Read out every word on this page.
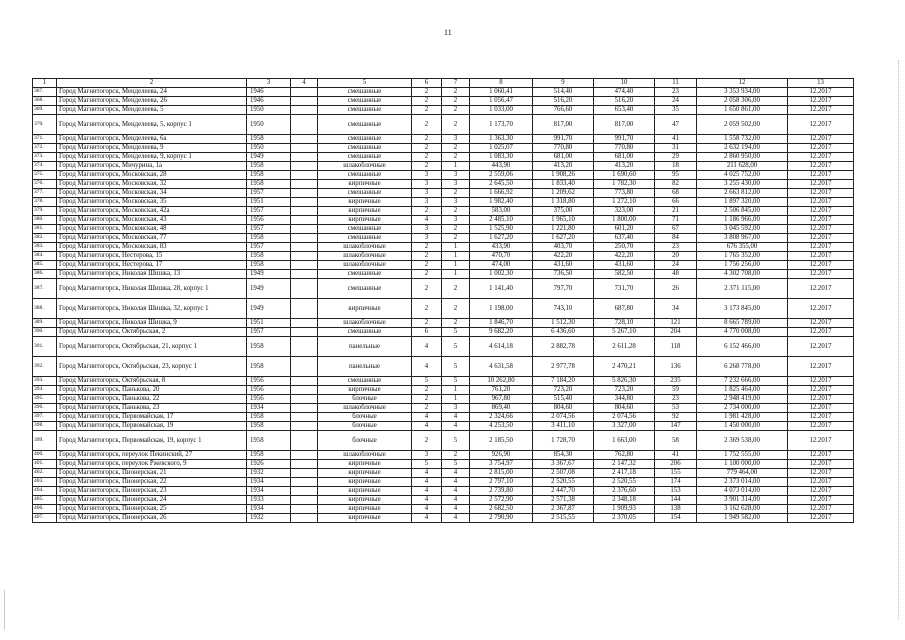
11
1	2	3	4	5	6	7	8	9	10	11	12	13
367.	Город Магнитогорск, Менделеева, 24	1946		смешанные	2	2	1 060,41	514,40	474,40	23	3 353 934,00	12.2017
368.	Город Магнитогорск, Менделеева, 26	1946		смешанные	2	2	1 056,47	516,20	516,20	24	2 058 306,00	12.2017
369.	Город Магнитогорск, Менделеева, 5	1950		смешанные	2	2	1 033,00	766,60	653,40	35	1 650 861,00	12.2017
370.	Город Магнитогорск, Менделеева, 5, корпус 1	1950		смешанные	2	2	1 173,70	817,00	817,00	47	2 059 502,00	12.2017
371.	Город Магнитогорск, Менделеева, 6а	1958		смешанные	2	3	1 363,30	991,70	991,70	41	1 558 732,00	12.2017
372.	Город Магнитогорск, Менделеева, 9	1950		смешанные	2	2	1 025,07	770,80	770,80	31	2 632 194,00	12.2017
373.	Город Магнитогорск, Менделеева, 9, корпус 1	1949		смешанные	2	2	1 083,30	681,00	681,00	29	2 860 950,00	12.2017
374.	Город Магнитогорск, Мичурина, 1а	1958		шлакоблочные	2	1	443,90	413,20	413,20	18	211 628,00	12.2017
375.	Город Магнитогорск, Московская, 28	1958		смешанные	3	3	2 559,06	1 908,26	1 690,60	95	4 025 752,00	12.2017
376.	Город Магнитогорск, Московская, 32	1958		кирпичные	3	3	2 645,50	1 833,40	1 782,30	82	3 255 430,00	12.2017
377.	Город Магнитогорск, Московская, 34	1957		смешанные	3	2	1 666,92	1 209,62	773,80	68	2 663 812,00	12.2017
378.	Город Магнитогорск, Московская, 35	1951		кирпичные	3	3	1 982,40	1 318,80	1 272,10	66	1 897 320,00	12.2017
379.	Город Магнитогорск, Московская, 42а	1957		кирпичные	2	2	583,00	375,00	323,00	21	2 506 845,00	12.2017
380.	Город Магнитогорск, Московская, 43	1956		кирпичные	4	3	2 485,10	1 965,10	1 800,00	71	1 186 966,00	12.2017
381.	Город Магнитогорск, Московская, 48	1957		смешанные	3	2	1 525,90	1 221,80	601,20	67	3 045 592,00	12.2017
382.	Город Магнитогорск, Московская, 77	1958		смешанные	3	2	1 627,20	1 627,20	637,40	84	3 808 967,00	12.2017
383.	Город Магнитогорск, Московская, 83	1957		шлакоблочные	2	1	433,90	403,70	250,70	23	676 355,00	12.2017
384.	Город Магнитогорск, Нестерова, 15	1958		шлакоблочные	2	1	470,70	422,20	422,20	20	1 765 352,00	12.2017
385.	Город Магнитогорск, Нестерова, 17	1958		шлакоблочные	2	1	474,00	431,60	431,60	24	1 756 256,00	12.2017
386.	Город Магнитогорск, Николая Шишка, 13	1949		смешанные	2	1	1 002,30	736,50	582,50	48	4 302 708,00	12.2017
387.	Город Магнитогорск, Николая Шишка, 28, корпус 1	1949		смешанные	2	2	1 141,40	797,70	731,70	26	2 371 115,00	12.2017
388.	Город Магнитогорск, Николая Шишка, 32, корпус 1	1949		кирпичные	2	2	1 198,00	743,10	687,80	34	3 173 845,00	12.2017
389.	Город Магнитогорск, Николая Шишка, 9	1951		шлакоблочные	2	2	1 846,70	1 512,30	728,10	121	8 665 789,00	12.2017
390.	Город Магнитогорск, Октябрьская, 2	1957		смешанные	6	5	9 682,20	6 436,60	5 267,10	204	4 770 008,00	12.2017
391.	Город Магнитогорск, Октябрьская, 21, корпус 1	1958		панельные	4	5	4 614,18	2 882,78	2 611,28	118	6 152 466,00	12.2017
392.	Город Магнитогорск, Октябрьская, 23, корпус 1	1958		панельные	4	5	4 631,58	2 977,78	2 470,21	136	6 268 778,00	12.2017
393.	Город Магнитогорск, Октябрьская, 8	1956		смешанные	5	5	10 262,80	7 184,20	5 826,30	235	7 232 666,00	12.2017
394.	Город Магнитогорск, Панькова, 20	1956		кирпичные	2	1	761,20	723,20	723,20	59	1 825 464,00	12.2017
395.	Город Магнитогорск, Панькова, 22	1956		блочные	2	1	967,80	515,40	344,80	23	2 948 419,00	12.2017
396.	Город Магнитогорск, Панькова, 23	1934		шлакоблочные	2	3	869,40	804,60	804,60	53	2 734 000,00	12.2017
397.	Город Магнитогорск, Первомайская, 17	1958		блочные	4	4	2 324,66	2 074,56	2 074,56	92	1 981 428,00	12.2017
398.	Город Магнитогорск, Первомайская, 19	1958		блочные	4	4	4 253,50	3 411,10	3 327,00	147	1 450 000,00	12.2017
399.	Город Магнитогорск, Первомайская, 19, корпус 1	1958		блочные	2	5	2 185,50	1 728,70	1 663,00	58	2 369 538,00	12.2017
400.	Город Магнитогорск, переулок Пекинский, 27	1958		шлакоблочные	3	2	926,90	854,30	762,80	41	1 752 555,00	12.2017
401.	Город Магнитогорск, переулок Ржевского, 9	1926		кирпичные	5	5	3 754,97	3 367,67	2 147,32	206	1 100 000,00	12.2017
402.	Город Магнитогорск, Пионерская, 21	1932		кирпичные	4	4	2 815,00	2 507,08	2 417,18	155	779 464,00	12.2017
403.	Город Магнитогорск, Пионерская, 22	1934		кирпичные	4	4	2 797,10	2 520,55	2 520,55	174	2 373 014,00	12.2017
404.	Город Магнитогорск, Пионерская, 23	1934		кирпичные	4	4	2 739,80	2 447,70	2 376,60	153	4 073 014,00	12.2017
405.	Город Магнитогорск, Пионерская, 24	1933		кирпичные	4	4	2 572,90	2 571,38	2 348,18	144	3 901 314,00	12.2017
406.	Город Магнитогорск, Пионерская, 25	1934		кирпичные	4	4	2 682,50	2 367,87	1 909,93	138	3 162 628,00	12.2017
407.	Город Магнитогорск, Пионерская, 26	1932		кирпичные	4	4	2 790,90	2 515,55	2 370,05	154	1 949 582,00	12.2017
